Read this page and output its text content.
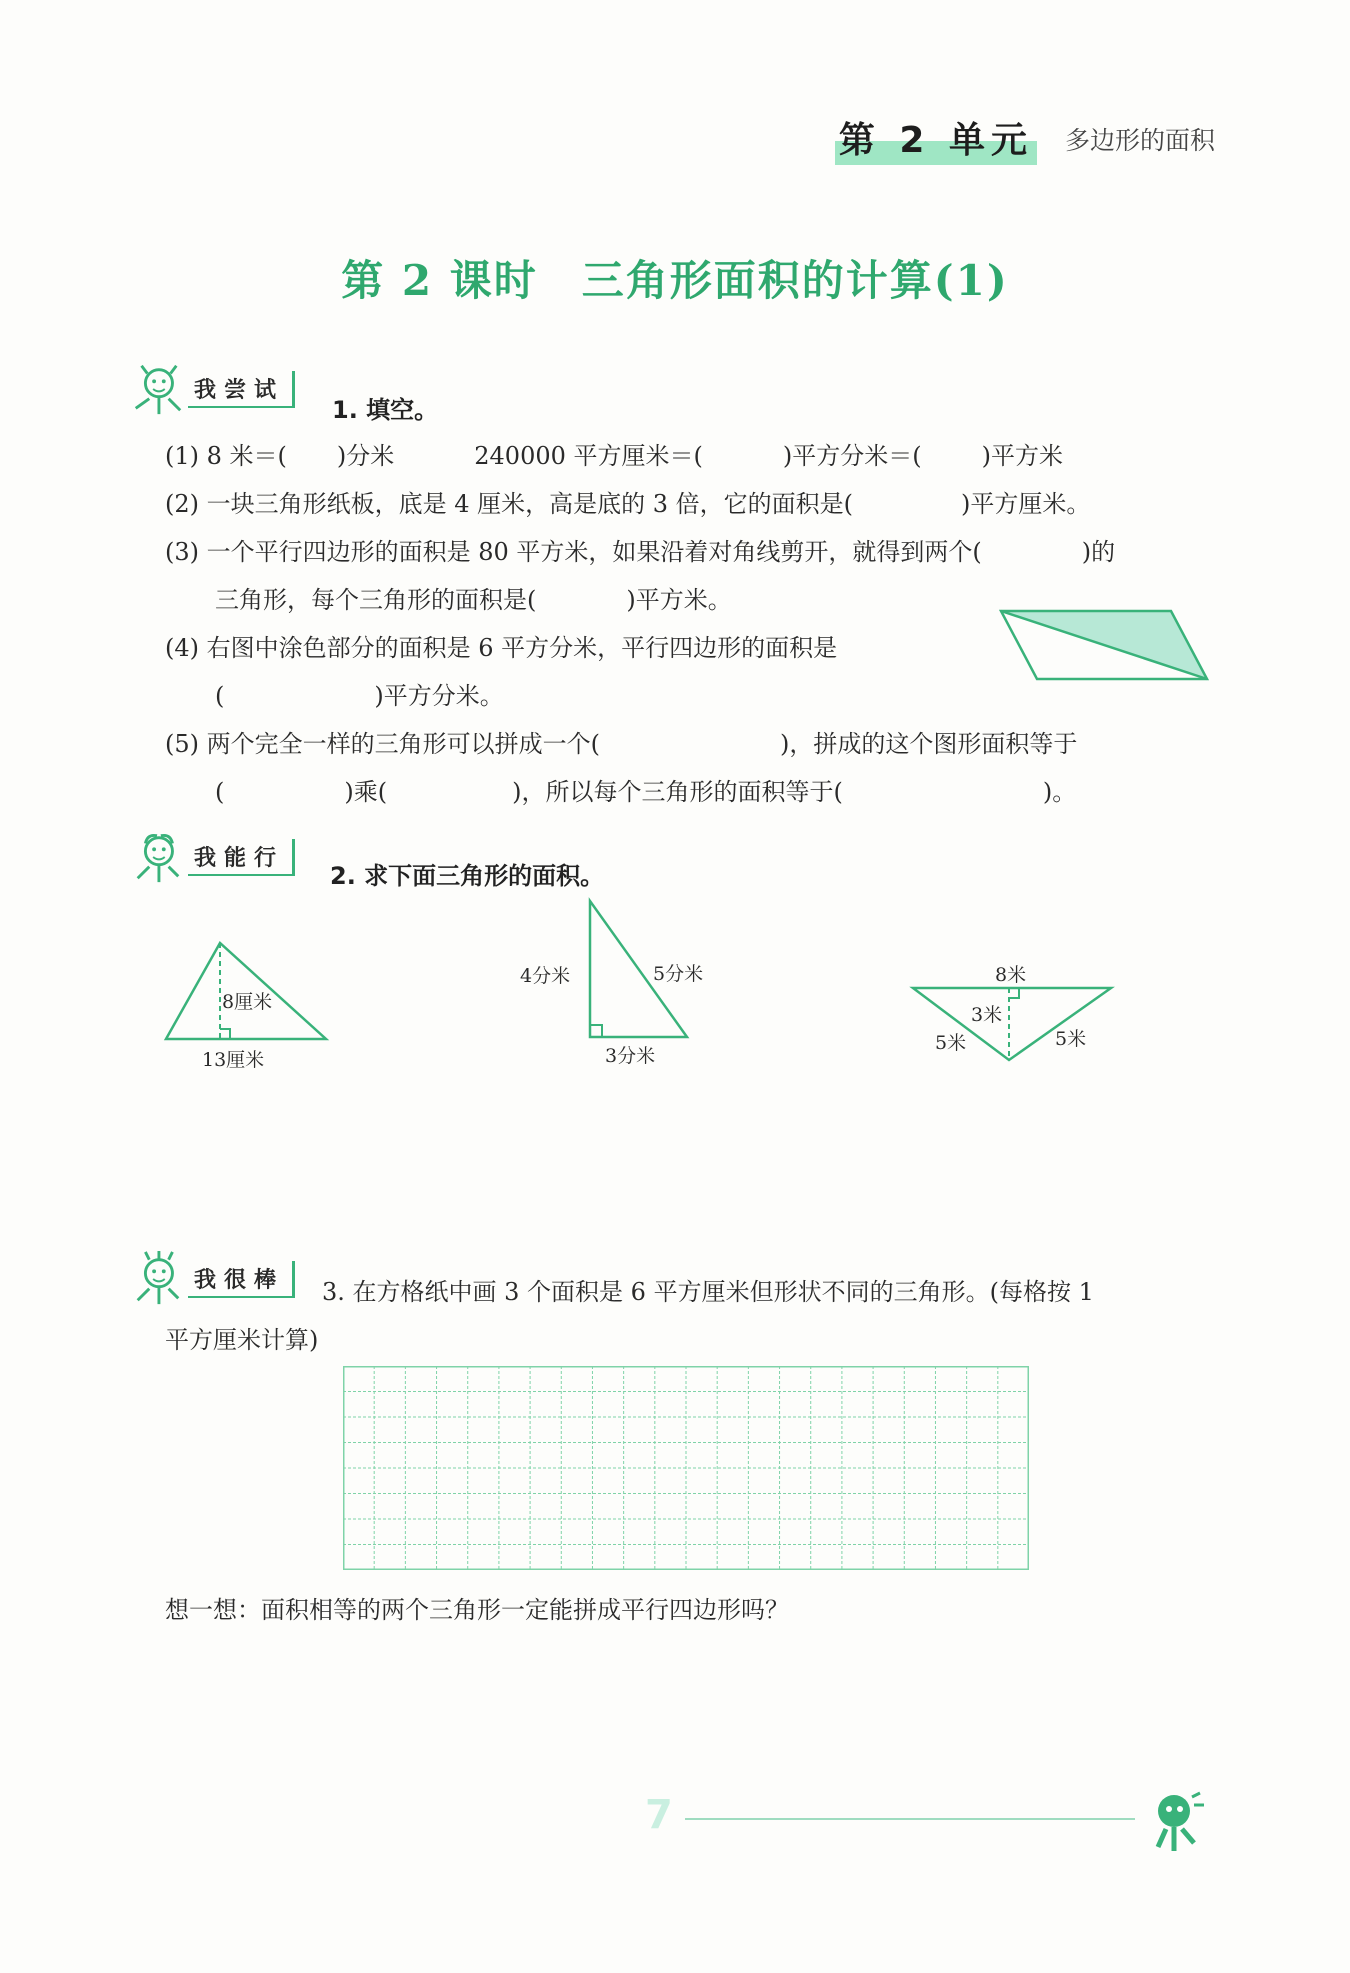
第 2 单元 多边形的面积
第 2 课时 三角形面积的计算(1)
我尝试
1. 填空。
(1) 8 米＝( )分米	240000 平方厘米＝(	)平方分米＝(	)平方米
(2) 一块三角形纸板，底是 4 厘米，高是底的 3 倍，它的面积是(	)平方厘米。
(3) 一个平行四边形的面积是 80 平方米，如果沿着对角线剪开，就得到两个(	)的
三角形，每个三角形的面积是(	)平方米。
(4) 右图中涂色部分的面积是 6 平方分米，平行四边形的面积是
(	)平方分米。
(5) 两个完全一样的三角形可以拼成一个(	)，拼成的这个图形面积等于
(	)乘(	)，所以每个三角形的面积等于(	)。
我能行
2. 求下面三角形的面积。
8厘米
13厘米
4分米	5分米
3分米
8米
3米
5米	5米
我很棒	3. 在方格纸中画 3 个面积是 6 平方厘米但形状不同的三角形。(每格按 1
平方厘米计算)
想一想：面积相等的两个三角形一定能拼成平行四边形吗？
7
